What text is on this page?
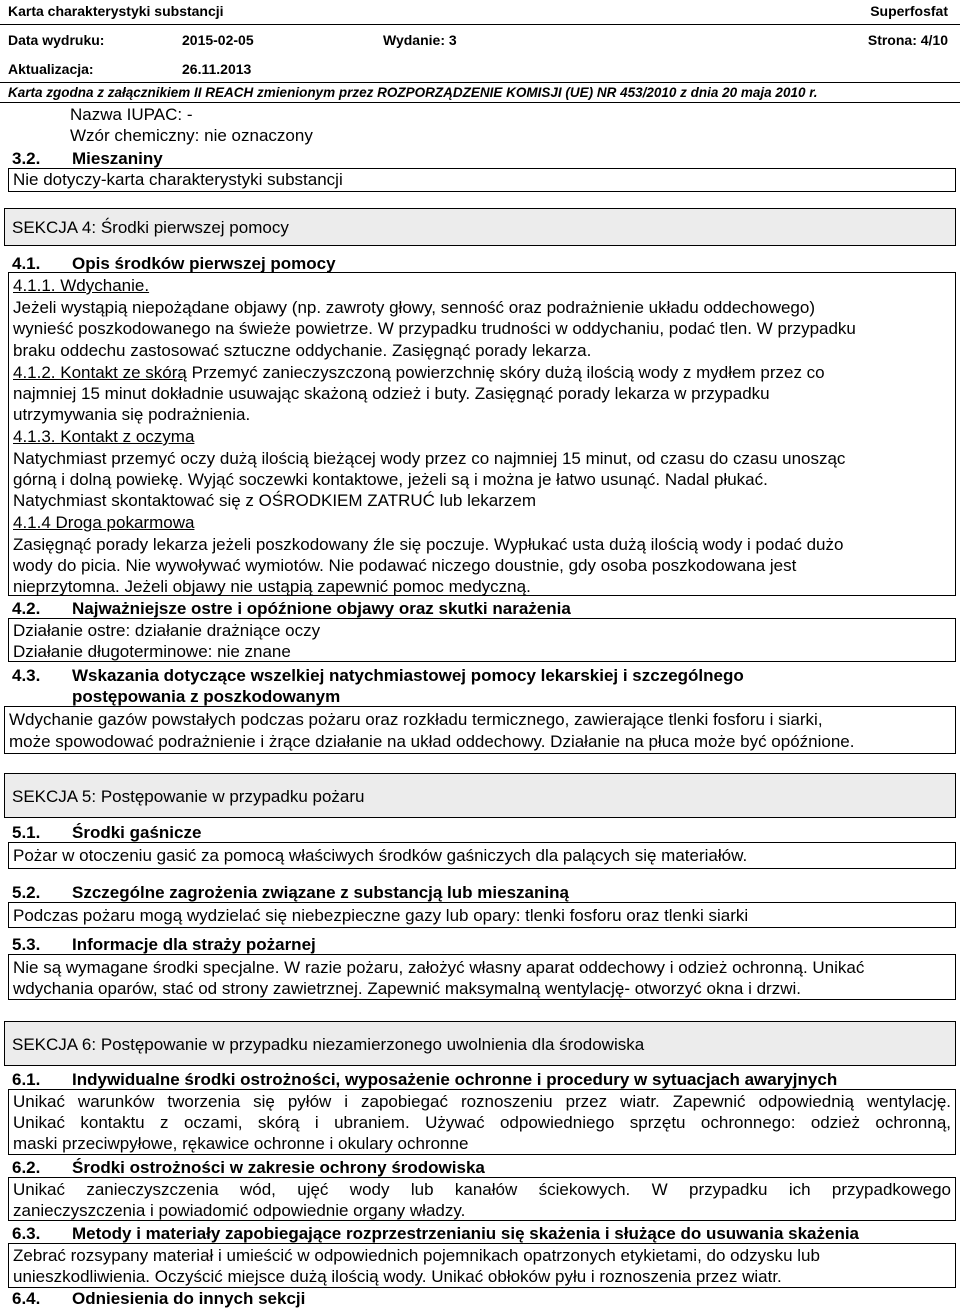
Karta charakterystyki substancji	Superfosfat
Data wydruku:	2015-02-05	Wydanie: 3	Strona: 4/10
Aktualizacja:	26.11.2013
Karta zgodna z załącznikiem II REACH zmienionym przez ROZPORZĄDZENIE KOMISJI (UE) NR 453/2010 z dnia 20 maja 2010 r.
Nazwa IUPAC: -
Wzór chemiczny: nie oznaczony
3.2. Mieszaniny
Nie dotyczy-karta charakterystyki substancji
SEKCJA 4: Środki pierwszej pomocy
4.1. Opis środków pierwszej pomocy
4.1.1. Wdychanie.
Jeżeli wystąpią niepożądane objawy (np. zawroty głowy, senność oraz podrażnienie układu oddechowego)
wynieść poszkodowanego na świeże powietrze. W przypadku trudności w oddychaniu, podać tlen. W przypadku
braku oddechu zastosować sztuczne oddychanie. Zasięgnąć porady lekarza.
4.1.2. Kontakt ze skórą Przemyć zanieczyszczoną powierzchnię skóry dużą ilością wody z mydłem przez co
najmniej 15 minut dokładnie usuwając skażoną odzież i buty. Zasięgnąć porady lekarza w przypadku
utrzymywania się podrażnienia.
4.1.3. Kontakt z oczyma
Natychmiast przemyć oczy dużą ilością bieżącej wody przez co najmniej 15 minut, od czasu do czasu unosząc
górną i dolną powiekę. Wyjąć soczewki kontaktowe, jeżeli są i można je łatwo usunąć. Nadal płukać.
Natychmiast skontaktować się z OŚRODKIEM ZATRUĆ lub lekarzem
4.1.4 Droga pokarmowa
Zasięgnąć porady lekarza jeżeli poszkodowany źle się poczuje. Wypłukać usta dużą ilością wody i podać dużo
wody do picia. Nie wywoływać wymiotów. Nie podawać niczego doustnie, gdy osoba poszkodowana jest
nieprzytomna. Jeżeli objawy nie ustąpią zapewnić pomoc medyczną.
4.2. Najważniejsze ostre i opóźnione objawy oraz skutki narażenia
Działanie ostre: działanie drażniące oczy
Działanie długoterminowe: nie znane
4.3. Wskazania dotyczące wszelkiej natychmiastowej pomocy lekarskiej i szczególnego
postępowania z poszkodowanym
Wdychanie gazów powstałych podczas pożaru oraz rozkładu termicznego, zawierające tlenki fosforu i siarki,
może spowodować podrażnienie i żrące działanie na układ oddechowy. Działanie na płuca może być opóźnione.
SEKCJA 5: Postępowanie w przypadku pożaru
5.1. Środki gaśnicze
Pożar w otoczeniu gasić za pomocą właściwych środków gaśniczych dla palących się materiałów.
5.2. Szczególne zagrożenia związane z substancją lub mieszaniną
Podczas pożaru mogą wydzielać się niebezpieczne gazy lub opary: tlenki fosforu oraz tlenki siarki
5.3. Informacje dla straży pożarnej
Nie są wymagane środki specjalne. W razie pożaru, założyć własny aparat oddechowy i odzież ochronną. Unikać
wdychania oparów, stać od strony zawietrznej. Zapewnić maksymalną wentylację- otworzyć okna i drzwi.
SEKCJA 6: Postępowanie w przypadku niezamierzonego uwolnienia dla środowiska
6.1. Indywidualne środki ostrożności, wyposażenie ochronne i procedury w sytuacjach awaryjnych
Unikać warunków tworzenia się pyłów i zapobiegać roznoszeniu przez wiatr. Zapewnić odpowiednią wentylację.
Unikać kontaktu z oczami, skórą i ubraniem. Używać odpowiedniego sprzętu ochronnego: odzież ochronną,
maski przeciwpyłowe, rękawice ochronne i okulary ochronne
6.2. Środki ostrożności w zakresie ochrony środowiska
Unikać zanieczyszczenia wód, ujęć wody lub kanałów ściekowych. W przypadku ich przypadkowego
zanieczyszczenia i powiadomić odpowiednie organy władzy.
6.3. Metody i materiały zapobiegające rozprzestrzenianiu się skażenia i służące do usuwania skażenia
Zebrać rozsypany materiał i umieścić w odpowiednich pojemnikach opatrzonych etykietami, do odzysku lub
unieszkodliwienia. Oczyścić miejsce dużą ilością wody. Unikać obłoków pyłu i roznoszenia przez wiatr.
6.4. Odniesienia do innych sekcji
